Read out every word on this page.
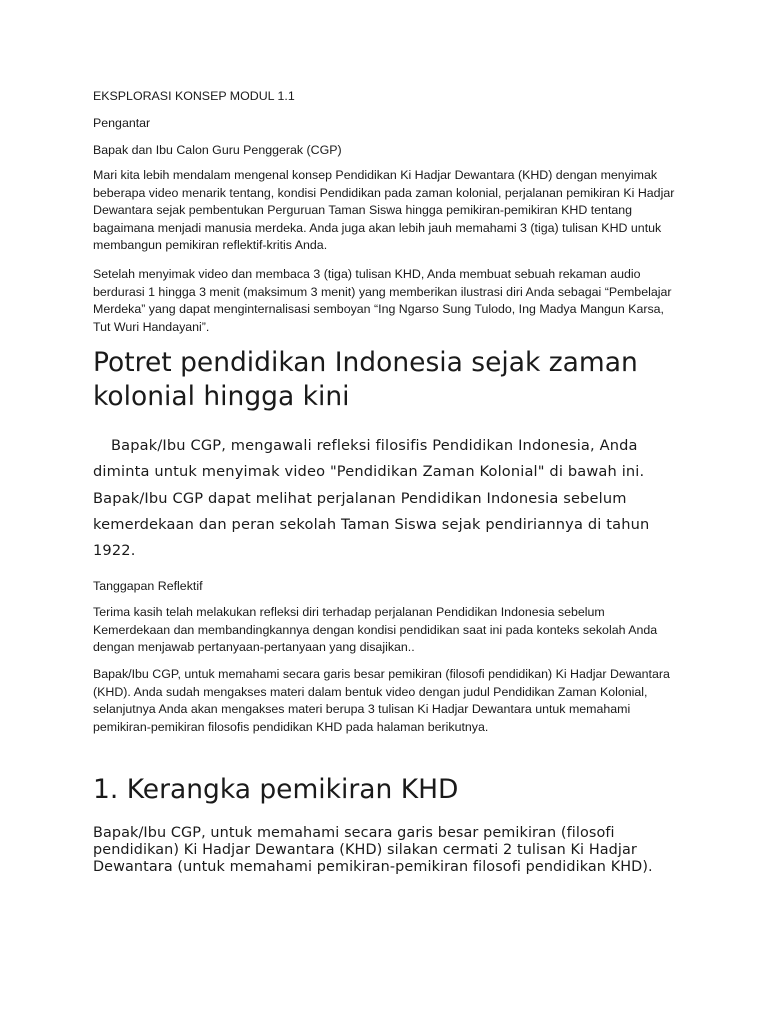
EKSPLORASI KONSEP MODUL 1.1

Pengantar

Bapak dan Ibu Calon Guru Penggerak (CGP)

Mari kita lebih mendalam mengenal konsep Pendidikan Ki Hadjar Dewantara (KHD) dengan menyimak beberapa video menarik tentang, kondisi Pendidikan pada zaman kolonial, perjalanan pemikiran Ki Hadjar Dewantara sejak pembentukan Perguruan Taman Siswa hingga pemikiran-pemikiran KHD tentang bagaimana menjadi manusia merdeka. Anda juga akan lebih jauh memahami 3 (tiga) tulisan KHD untuk membangun pemikiran reflektif-kritis Anda.

Setelah menyimak video dan membaca 3 (tiga) tulisan KHD, Anda membuat sebuah rekaman audio berdurasi 1 hingga 3 menit (maksimum 3 menit) yang memberikan ilustrasi diri Anda sebagai “Pembelajar Merdeka” yang dapat menginternalisasi semboyan “Ing Ngarso Sung Tulodo, Ing Madya Mangun Karsa, Tut Wuri Handayani”.

Potret pendidikan Indonesia sejak zaman kolonial hingga kini

Bapak/Ibu CGP, mengawali refleksi filosifis Pendidikan Indonesia, Anda diminta untuk menyimak video "Pendidikan Zaman Kolonial" di bawah ini. Bapak/Ibu CGP dapat melihat perjalanan Pendidikan Indonesia sebelum kemerdekaan dan peran sekolah Taman Siswa sejak pendiriannya di tahun 1922.

Tanggapan Reflektif

Terima kasih telah melakukan refleksi diri terhadap perjalanan Pendidikan Indonesia sebelum Kemerdekaan dan membandingkannya dengan kondisi pendidikan saat ini pada konteks sekolah Anda dengan menjawab pertanyaan-pertanyaan yang disajikan..

Bapak/Ibu CGP, untuk memahami secara garis besar pemikiran (filosofi pendidikan) Ki Hadjar Dewantara (KHD). Anda sudah mengakses materi dalam bentuk video dengan judul Pendidikan Zaman Kolonial, selanjutnya Anda akan mengakses materi berupa 3 tulisan Ki Hadjar Dewantara untuk memahami pemikiran-pemikiran filosofis pendidikan KHD pada halaman berikutnya.

1. Kerangka pemikiran KHD

Bapak/Ibu CGP, untuk memahami secara garis besar pemikiran (filosofi pendidikan) Ki Hadjar Dewantara (KHD) silakan cermati 2 tulisan Ki Hadjar Dewantara (untuk memahami pemikiran-pemikiran filosofi pendidikan KHD).
